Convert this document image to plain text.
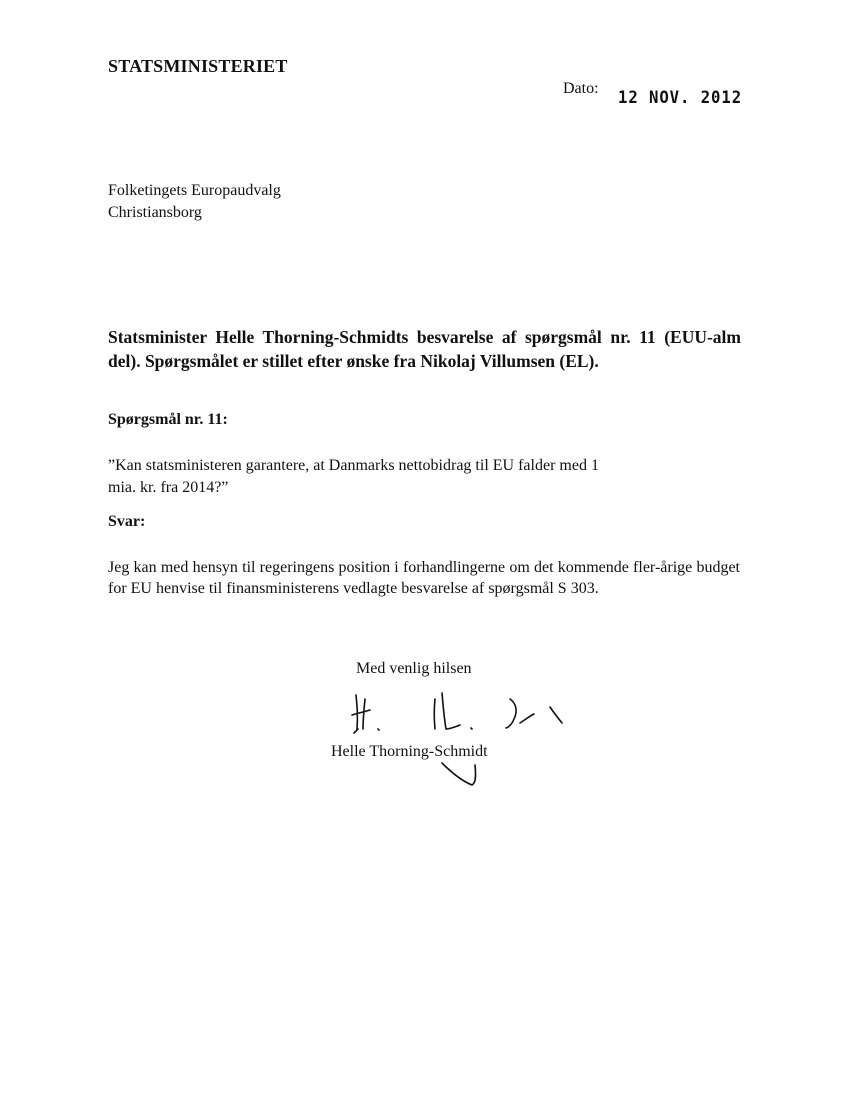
STATSMINISTERIET
Dato: 12 NOV. 2012
Folketingets Europaudvalg
Christiansborg
Statsminister Helle Thorning-Schmidts besvarelse af spørgsmål nr. 11 (EUU-alm del). Spørgsmålet er stillet efter ønske fra Nikolaj Villumsen (EL).
Spørgsmål nr. 11:
”Kan statsministeren garantere, at Danmarks nettobidrag til EU falder med 1
mia. kr. fra 2014?”
Svar:
Jeg kan med hensyn til regeringens position i forhandlingerne om det kommende fler-årige budget for EU henvise til finansministerens vedlagte besvarelse af spørgsmål S 303.
Med venlig hilsen
Helle Thorning-Schmidt
